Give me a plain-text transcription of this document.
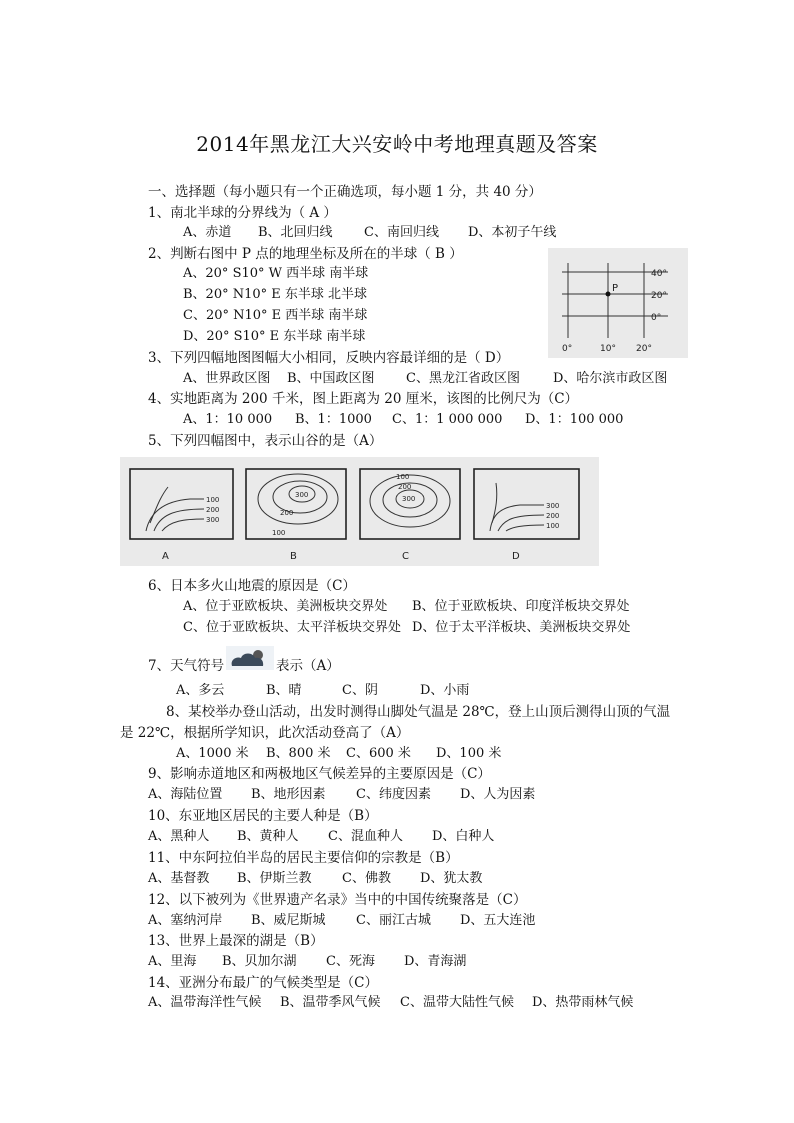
2014年黑龙江大兴安岭中考地理真题及答案
一、选择题（每小题只有一个正确选项，每小题 1 分，共 40 分）
1、南北半球的分界线为（ A ）
A、赤道 B、北回归线 C、南回归线 D、本初子午线
2、判断右图中 P 点的地理坐标及所在的半球（ B ）
A、20° S10° W 西半球 南半球
B、20° N10° E 东半球 北半球
C、20° N10° E 西半球 南半球
D、20° S10° E 东半球 南半球
P
40°
20°
0°
0°	10° 20°
3、下列四幅地图图幅大小相同，反映内容最详细的是（ D）
A、世界政区图 B、中国政区图 C、黑龙江省政区图	D、哈尔滨市政区图
4、实地距离为 200 千米，图上距离为 20 厘米，该图的比例尺为（C）
A、1：10 000 B、1：1000 C、1：1 000 000 D、1：100 000
5、下列四幅图中，表示山谷的是（A）
100
200
300
A
300
200
100
B
100
200
300
C
300
200
100
D
6、日本多火山地震的原因是（C）
A、位于亚欧板块、美洲板块交界处 B、位于亚欧板块、印度洋板块交界处
C、位于亚欧板块、太平洋板块交界处 D、位于太平洋板块、美洲板块交界处
7、天气符号	表示（A）
A、多云	B、晴	C、阴	D、小雨
8、某校举办登山活动，出发时测得山脚处气温是 28℃，登上山顶后测得山顶的气温
是 22℃，根据所学知识，此次活动登高了（A）
A、1000 米 B、800 米 C、600 米 D、100 米
9、影响赤道地区和两极地区气候差异的主要原因是（C）
A、海陆位置 B、地形因素 C、纬度因素 D、人为因素
10、东亚地区居民的主要人种是（B）
A、黑种人 B、黄种人 C、混血种人 D、白种人
11、中东阿拉伯半岛的居民主要信仰的宗教是（B）
A、基督教 B、伊斯兰教 C、佛教 D、犹太教
12、以下被列为《世界遗产名录》当中的中国传统聚落是（C）
A、塞纳河岸 B、威尼斯城 C、丽江古城 D、五大连池
13、世界上最深的湖是（B）
A、里海 B、贝加尔湖 C、死海 D、青海湖
14、亚洲分布最广的气候类型是（C）
A、温带海洋性气候 B、温带季风气候 C、温带大陆性气候 D、热带雨林气候
